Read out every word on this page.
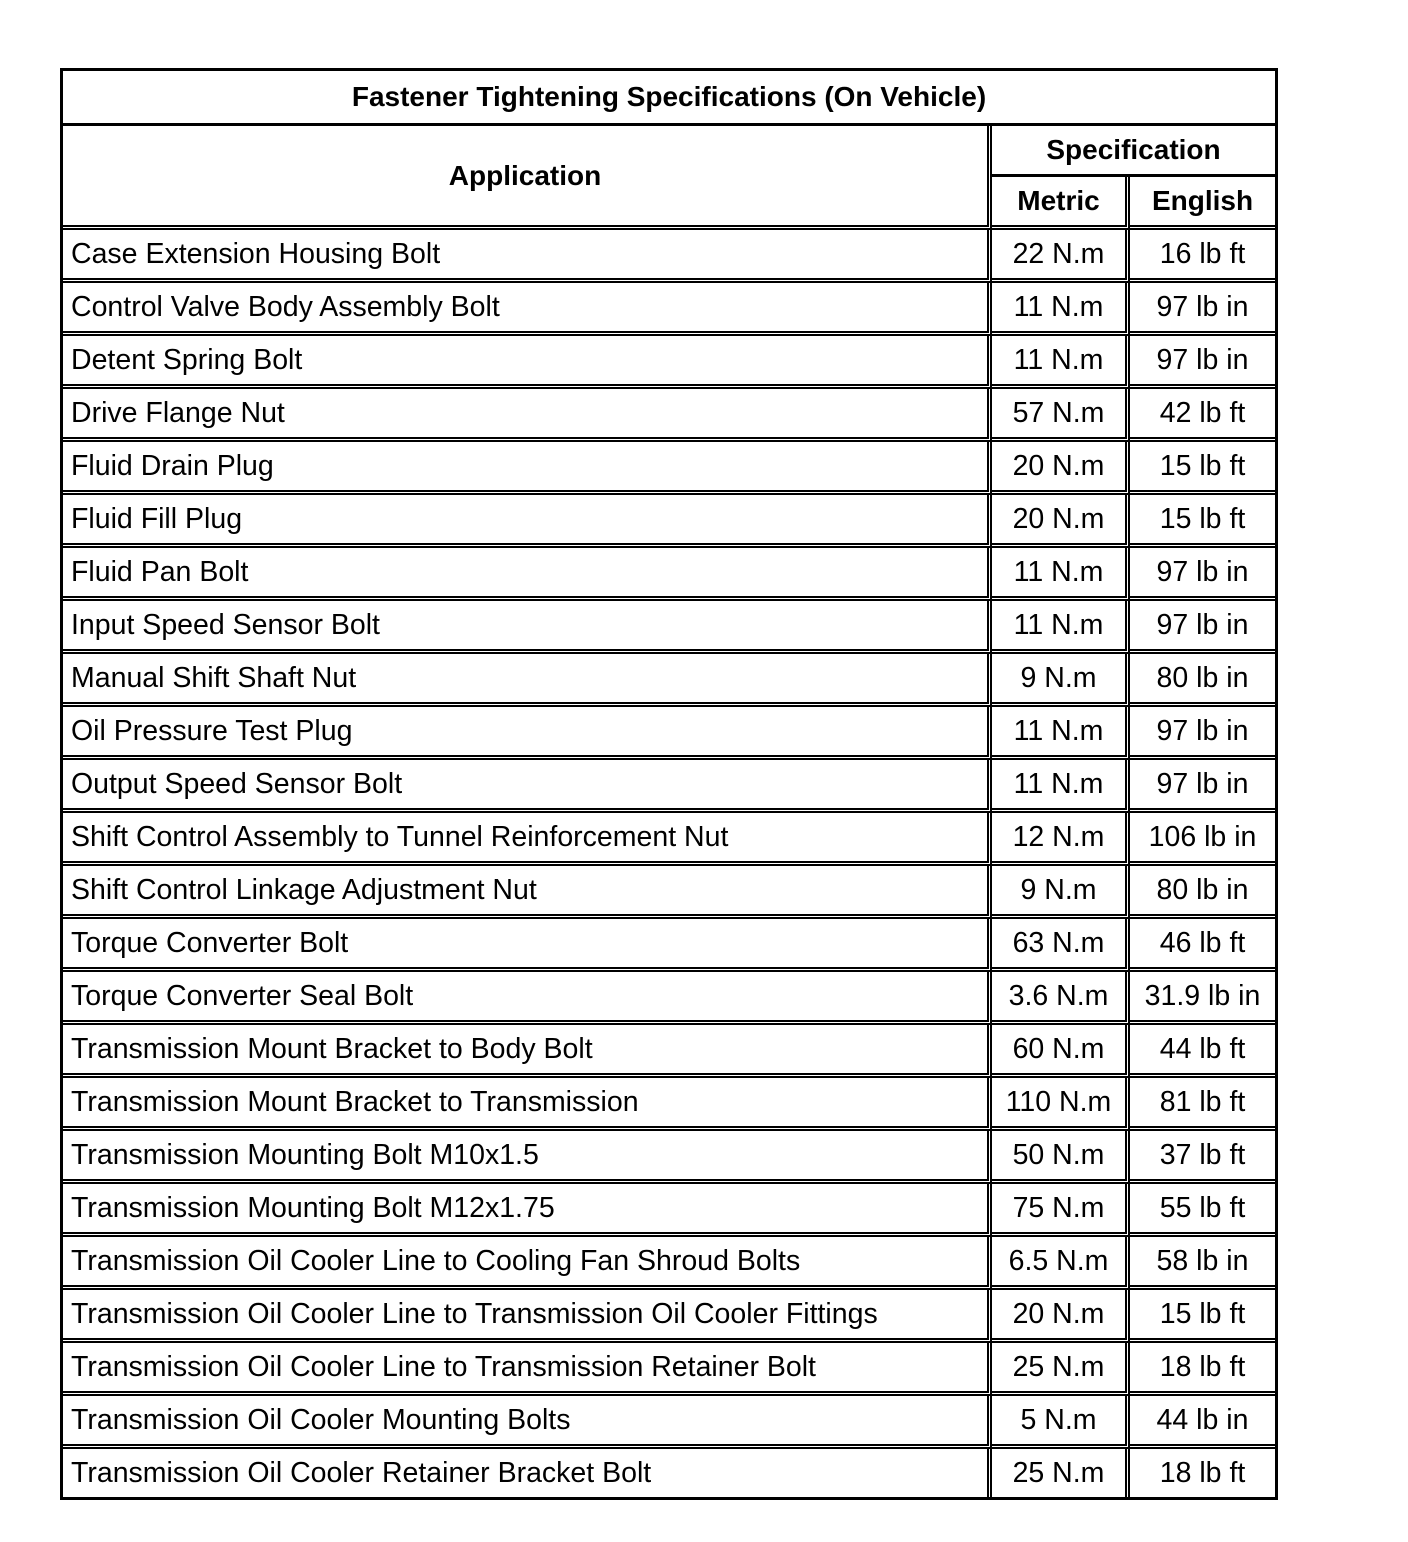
Fastener Tightening Specifications (On Vehicle)		
Application	Specification	
	Metric	English
Case Extension Housing Bolt	22 N.m	16 lb ft
Control Valve Body Assembly Bolt	11 N.m	97 lb in
Detent Spring Bolt	11 N.m	97 lb in
Drive Flange Nut	57 N.m	42 lb ft
Fluid Drain Plug	20 N.m	15 lb ft
Fluid Fill Plug	20 N.m	15 lb ft
Fluid Pan Bolt	11 N.m	97 lb in
Input Speed Sensor Bolt	11 N.m	97 lb in
Manual Shift Shaft Nut	9 N.m	80 lb in
Oil Pressure Test Plug	11 N.m	97 lb in
Output Speed Sensor Bolt	11 N.m	97 lb in
Shift Control Assembly to Tunnel Reinforcement Nut	12 N.m	106 lb in
Shift Control Linkage Adjustment Nut	9 N.m	80 lb in
Torque Converter Bolt	63 N.m	46 lb ft
Torque Converter Seal Bolt	3.6 N.m	31.9 lb in
Transmission Mount Bracket to Body Bolt	60 N.m	44 lb ft
Transmission Mount Bracket to Transmission	110 N.m	81 lb ft
Transmission Mounting Bolt M10x1.5	50 N.m	37 lb ft
Transmission Mounting Bolt M12x1.75	75 N.m	55 lb ft
Transmission Oil Cooler Line to Cooling Fan Shroud Bolts	6.5 N.m	58 lb in
Transmission Oil Cooler Line to Transmission Oil Cooler Fittings	20 N.m	15 lb ft
Transmission Oil Cooler Line to Transmission Retainer Bolt	25 N.m	18 lb ft
Transmission Oil Cooler Mounting Bolts	5 N.m	44 lb in
Transmission Oil Cooler Retainer Bracket Bolt	25 N.m	18 lb ft
